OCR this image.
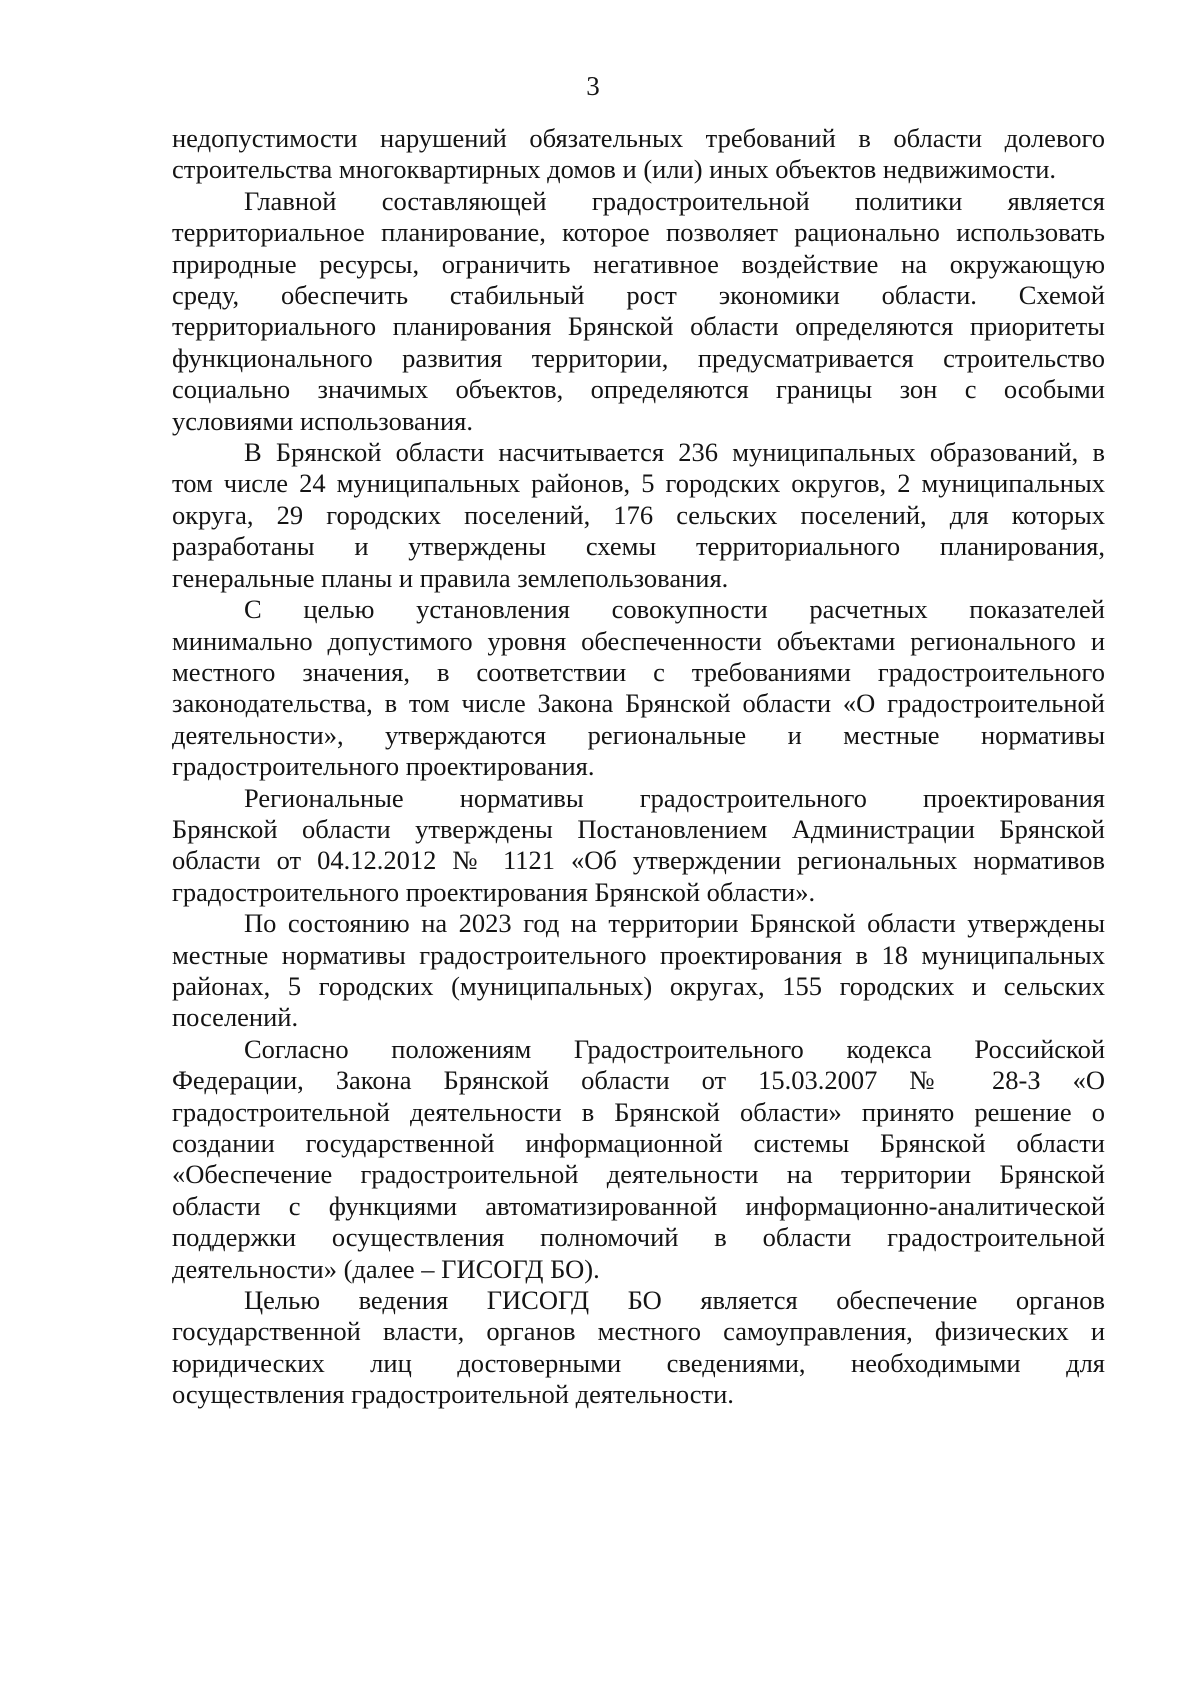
3

недопустимости нарушений обязательных требований в области долевого
строительства многоквартирных домов и (или) иных объектов недвижимости.

Главной составляющей градостроительной политики является
территориальное планирование, которое позволяет рационально использовать
природные ресурсы, ограничить негативное воздействие на окружающую
среду, обеспечить стабильный рост экономики области. Схемой
территориального планирования Брянской области определяются приоритеты
функционального развития территории, предусматривается строительство
социально значимых объектов, определяются границы зон с особыми
условиями использования.

В Брянской области насчитывается 236 муниципальных образований, в
том числе 24 муниципальных районов, 5 городских округов, 2 муниципальных
округа, 29 городских поселений, 176 сельских поселений, для которых
разработаны и утверждены схемы территориального планирования,
генеральные планы и правила землепользования.

С целью установления совокупности расчетных показателей
минимально допустимого уровня обеспеченности объектами регионального и
местного значения, в соответствии с требованиями градостроительного
законодательства, в том числе Закона Брянской области «О градостроительной
деятельности», утверждаются региональные и местные нормативы
градостроительного проектирования.

Региональные нормативы градостроительного проектирования
Брянской области утверждены Постановлением Администрации Брянской
области от 04.12.2012 № 1121 «Об утверждении региональных нормативов
градостроительного проектирования Брянской области».

По состоянию на 2023 год на территории Брянской области утверждены
местные нормативы градостроительного проектирования в 18 муниципальных
районах, 5 городских (муниципальных) округах, 155 городских и сельских
поселений.

Согласно положениям Градостроительного кодекса Российской
Федерации, Закона Брянской области от 15.03.2007 № 28-З «О
градостроительной деятельности в Брянской области» принято решение о
создании государственной информационной системы Брянской области
«Обеспечение градостроительной деятельности на территории Брянской
области с функциями автоматизированной информационно-аналитической
поддержки осуществления полномочий в области градостроительной
деятельности» (далее – ГИСОГД БО).

Целью ведения ГИСОГД БО является обеспечение органов
государственной власти, органов местного самоуправления, физических и
юридических лиц достоверными сведениями, необходимыми для
осуществления градостроительной деятельности.
